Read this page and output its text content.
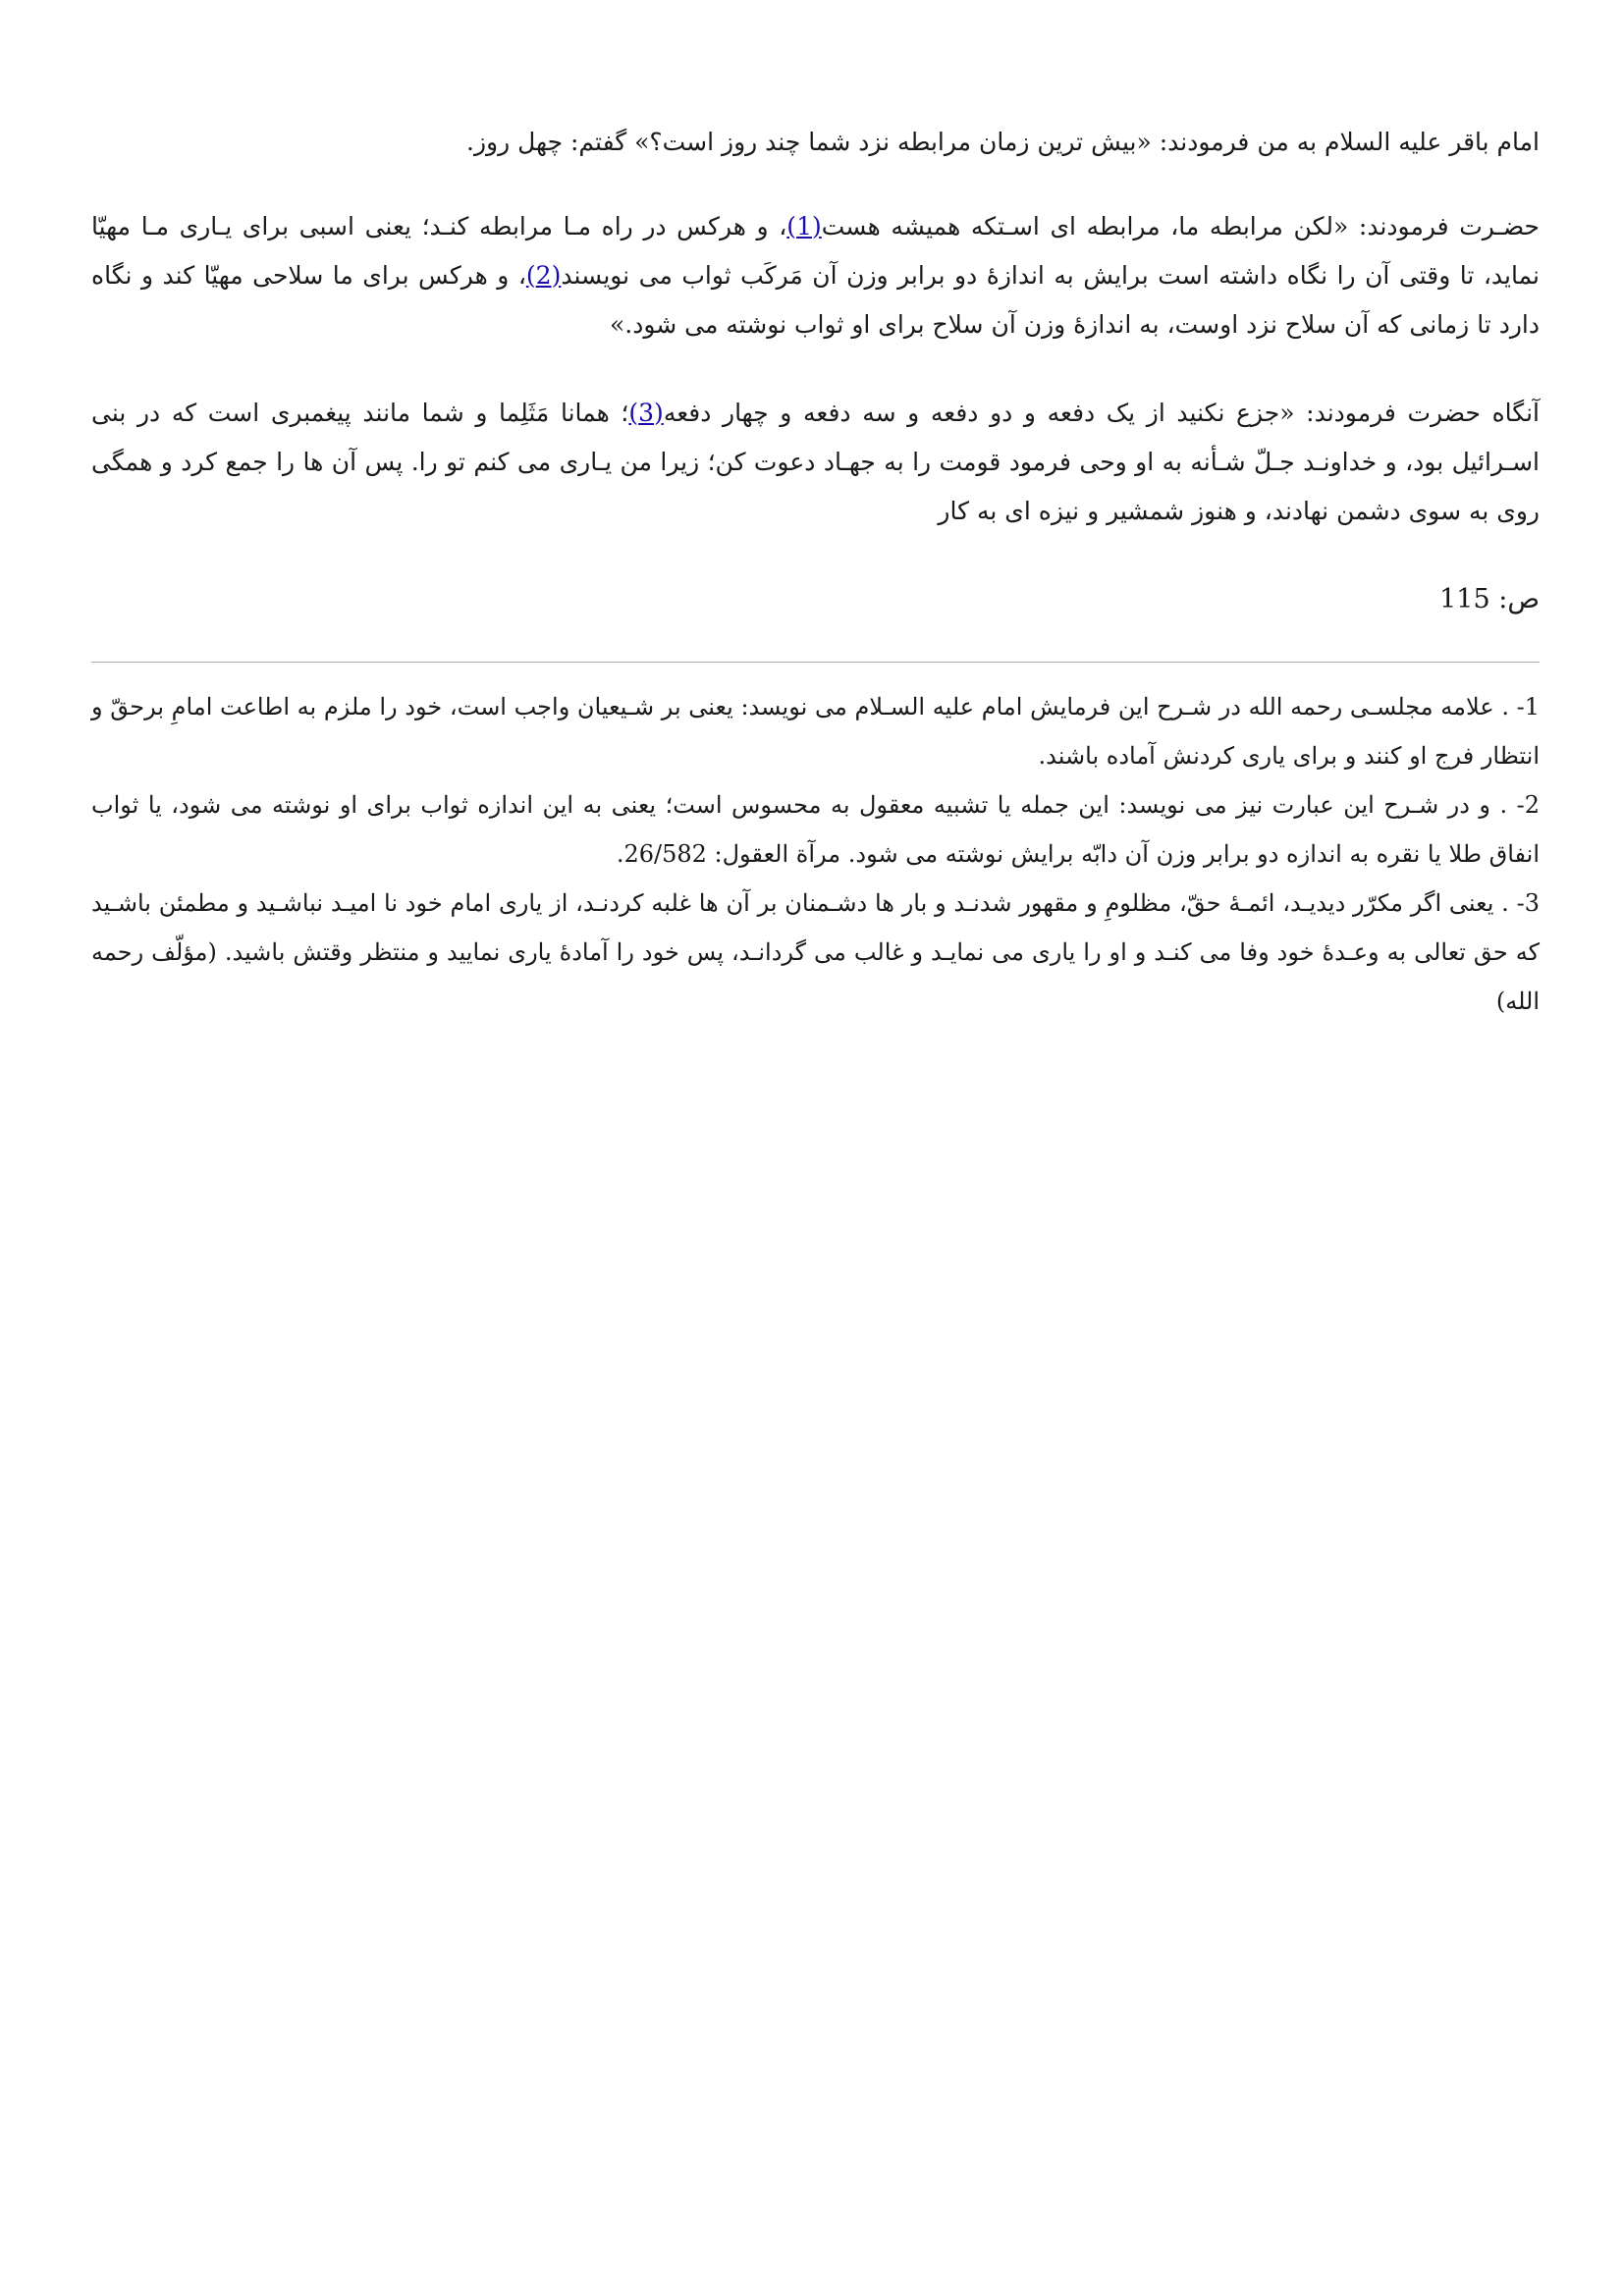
امام باقر علیه السلام به من فرمودند: «بیش ترین زمان مرابطه نزد شما چند روز است؟» گفتم: چهل روز.

حضـرت فرمودند: «لکن مرابطه ما، مرابطه ای اسـتکه همیشه هست(1)، و هرکس در راه مـا مرابطه کنـد؛ یعنی اسبی برای یـاری مـا مهیّا نماید، تا وقتی آن را نگاه داشته است برایش به اندازۀ دو برابر وزن آن مَرکَب ثواب می نویسند(2)، و هرکس برای ما سلاحی مهیّا کند و نگاه دارد تا زمانی که آن سلاح نزد اوست، به اندازۀ وزن آن سلاح برای او ثواب نوشته می شود.»

آنگاه حضرت فرمودند: «جزع نکنید از یک دفعه و دو دفعه و سه دفعه و چهار دفعه(3)؛ همانا مَثَلِما و شما مانند پیغمبری است که در بنی اسـرائیل بود، و خداونـد جـلّ شـأنه به او وحی فرمود قومت را به جهـاد دعوت کن؛ زیرا من یـاری می کنم تو را. پس آن ها را جمع کرد و همگی روی به سوی دشمن نهادند، و هنوز شمشیر و نیزه ای به کار

ص: 115

1- . علامه مجلسـی رحمه الله در شـرح این فرمایش امام علیه السـلام می نویسد: یعنی بر شـیعیان واجب است، خود را ملزم به اطاعت امامِ برحقّ و انتظار فرج او کنند و برای یاری کردنش آماده باشند.

2- . و در شـرح این عبارت نیز می نویسد: این جمله یا تشبیه معقول به محسوس است؛ یعنی به این اندازه ثواب برای او نوشته می شود، یا ثواب انفاق طلا یا نقره به اندازه دو برابر وزن آن دابّه برایش نوشته می شود. مرآة العقول: 26/582.

3- . یعنی اگر مکرّر دیدیـد، ائمـۀ حقّ، مظلومِ و مقهور شدنـد و بار ها دشـمنان بر آن ها غلبه کردنـد، از یاری امام خود نا امیـد نباشـید و مطمئن باشـید که حق تعالی به وعـدۀ خود وفا می کنـد و او را یاری می نمایـد و غالب می گردانـد، پس خود را آمادۀ یاری نمایید و منتظر وقتش باشید. (مؤلّف رحمه الله)
